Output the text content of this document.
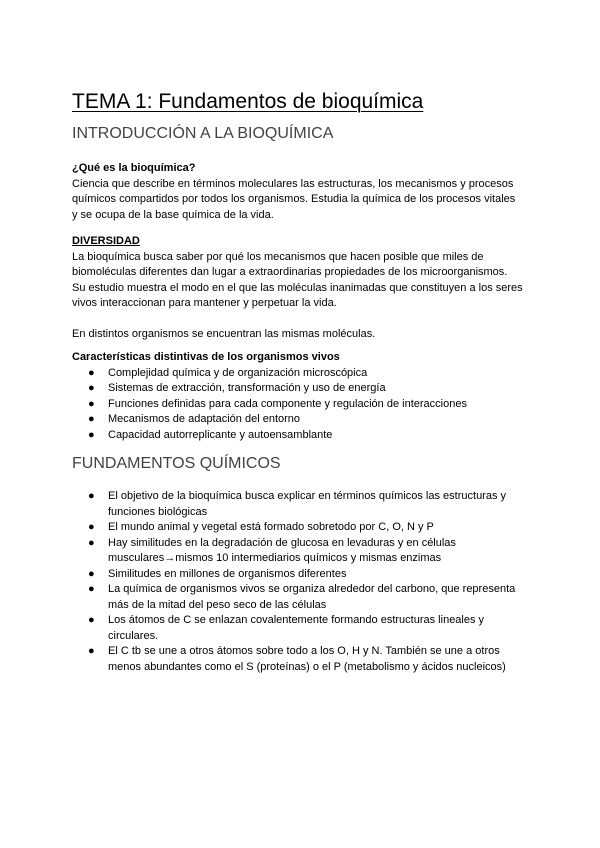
TEMA 1: Fundamentos de bioquímica
INTRODUCCIÓN A LA BIOQUÍMICA

¿Qué es la bioquímica?

Ciencia que describe en términos moleculares las estructuras, los mecanismos y procesos

químicos compartidos por todos los organismos. Estudia la química de los procesos vitales

y se ocupa de la base química de la vida.

DIVERSIDAD

La bioquímica busca saber por qué los mecanismos que hacen posible que miles de

biomoléculas diferentes dan lugar a extraordinarias propiedades de los microorganismos.

Su estudio muestra el modo en el que las moléculas inanimadas que constituyen a los seres

vivos interaccionan para mantener y perpetuar la vida.

En distintos organismos se encuentran las mismas moléculas.

Características distintivas de los organismos vivos

● Complejidad química y de organización microscópica
● Sistemas de extracción, transformación y uso de energía
● Funciones definidas para cada componente y regulación de interacciones
● Mecanismos de adaptación del entorno
● Capacidad autorreplicante y autoensamblante
FUNDAMENTOS QUÍMICOS
● El objetivo de la bioquímica busca explicar en términos químicos las estructuras y
funciones biológicas
● El mundo animal y vegetal está formado sobretodo por C, O, N y P
● Hay similitudes en la degradación de glucosa en levaduras y en células
musculares→mismos 10 intermediarios químicos y mismas enzimas
● Similitudes en millones de organismos diferentes
● La química de organismos vivos se organiza alrededor del carbono, que representa
más de la mitad del peso seco de las células
● Los átomos de C se enlazan covalentemente formando estructuras lineales y
circulares.
● El C tb se une a otros átomos sobre todo a los O, H y N. También se une a otros
menos abundantes como el S (proteínas) o el P (metabolismo y ácidos nucleicos)
